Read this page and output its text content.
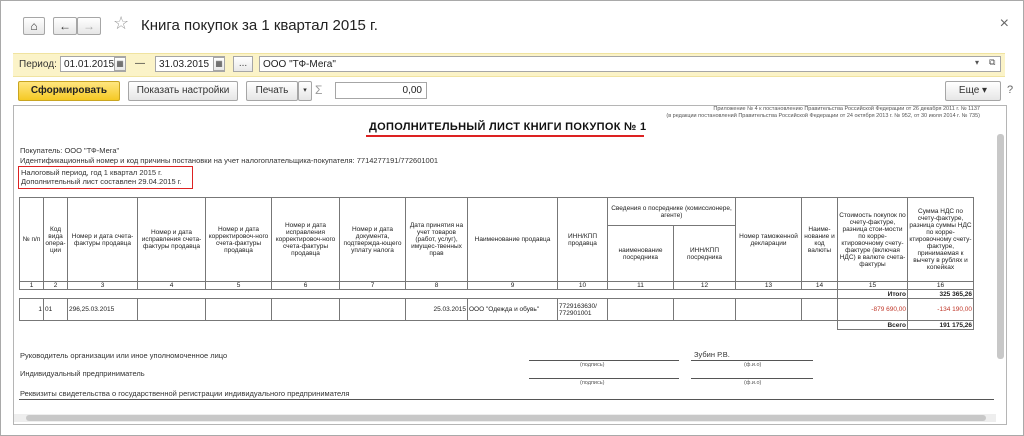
⌂ ← → ☆ Книга покупок за 1 квартал 2015 г.	×
Период: 01.01.2015 ▦ —	31.03.2015 ▦	...	ООО "ТФ-Мега"	▾ ⧉
Сформировать	Показать настройки	Печать	▾ Σ	0,00	Еще ▾	?
Приложение № 4 к постановлению Правительства Российской Федерации от 26 декабря 2011 г. № 1137
(в редакции постановлений Правительства Российской Федерации от 24 октября 2013 г. № 952, от 30 июля 2014 г. № 735)
ДОПОЛНИТЕЛЬНЫЙ ЛИСТ КНИГИ ПОКУПОК № 1
Покупатель: ООО "ТФ-Мега"
Идентификационный номер и код причины постановки на учет налогоплательщика-покупателя: 7714277191/772601001
Налоговый период, год 1 квартал 2015 г.
Дополнительный лист составлен 29.04.2015 г.
№ п/п	Код вида опера-ции	Номер и дата счета-фактуры продавца	Номер и дата исправления счета-фактуры продавца	Номер и дата корректировоч-ного счета-фактуры продавца	Номер и дата исправления корректировоч-ного счета-фактуры продавца	Номер и дата документа, подтвержда-ющего уплату налога	Дата принятия на учет товаров (работ, услуг), имущес-твенных прав	Наименование продавца	ИНН/КПП продавца	Сведения о посреднике (комиссионере, агенте)		Номер таможенной декларации	Наиме-нование и код валюты	Стоимость покупок по счету-фактуре, разница стои-мости по корре-ктировочному счету-фактуре (включая НДС) в валюте счета-фактуры	Сумма НДС по счету-фактуре, разница суммы НДС по корре-ктировочному счету-фактуре, принимаемая к вычету в рублях и копейках
										наименование посредника	ИНН/КПП посредника				
1	2	3	4	5	6	7	8	9	10	11	12	13	14	15	16
														Итого	325 365,26
1	01	296,25.03.2015					25.03.2015	ООО "Одежда и обувь"	7729163630/ 772901001					-879 690,00	-134 190,00
														Всего	191 175,26
Руководитель организации или иное уполномоченное лицо	Зубин Р.В.
(подпись)	(ф.и.о)
Индивидуальный предприниматель
(подпись)	(ф.и.о)
Реквизиты свидетельства о государственной регистрации индивидуального предпринимателя
